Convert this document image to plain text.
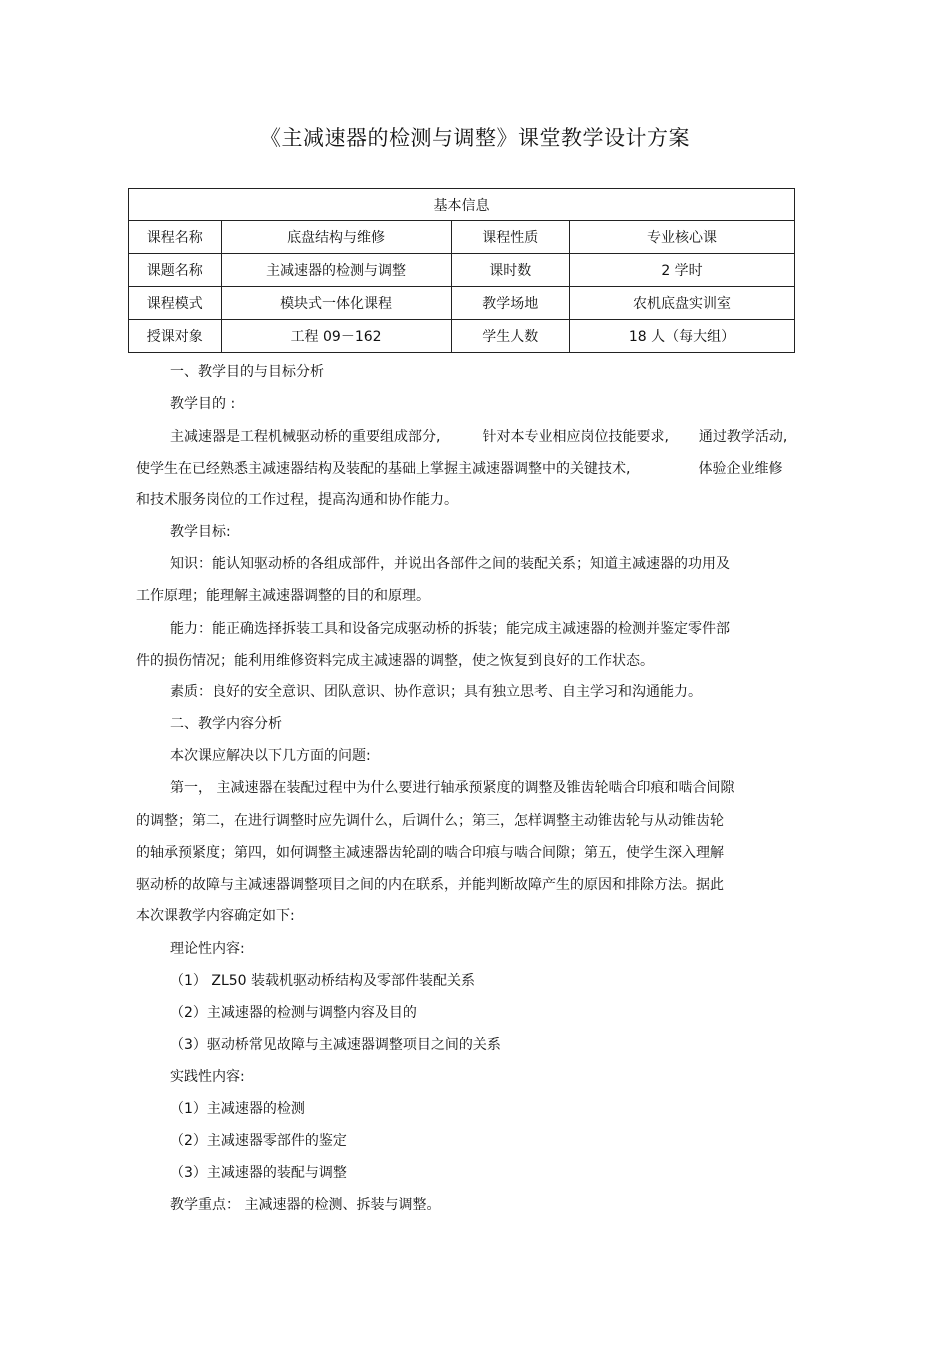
《主减速器的检测与调整》课堂教学设计方案
基本信息			
课程名称	底盘结构与维修	课程性质	专业核心课
课题名称	主减速器的检测与调整	课时数	2 学时
课程模式	模块式一体化课程	教学场地	农机底盘实训室
授课对象	工程 09－162	学生人数	18 人（每大组）
一、教学目的与目标分析
教学目的 :
主减速器是工程机械驱动桥的重要组成部分,	针对本专业相应岗位技能要求, 通过教学活动,
使学生在已经熟悉主减速器结构及装配的基础上掌握主减速器调整中的关键技术,	体验企业维修
和技术服务岗位的工作过程，提高沟通和协作能力。
教学目标:
知识：能认知驱动桥的各组成部件，并说出各部件之间的装配关系；知道主减速器的功用及
工作原理；能理解主减速器调整的目的和原理。
能力：能正确选择拆装工具和设备完成驱动桥的拆装；能完成主减速器的检测并鉴定零件部
件的损伤情况；能利用维修资料完成主减速器的调整，使之恢复到良好的工作状态。
素质：良好的安全意识、团队意识、协作意识；具有独立思考、自主学习和沟通能力。
二、教学内容分析
本次课应解决以下几方面的问题:
第一， 主减速器在装配过程中为什么要进行轴承预紧度的调整及锥齿轮啮合印痕和啮合间隙
的调整；第二，在进行调整时应先调什么，后调什么；第三，怎样调整主动锥齿轮与从动锥齿轮
的轴承预紧度；第四，如何调整主减速器齿轮副的啮合印痕与啮合间隙；第五，使学生深入理解
驱动桥的故障与主减速器调整项目之间的内在联系，并能判断故障产生的原因和排除方法。据此
本次课教学内容确定如下:
理论性内容:
（1） ZL50 装载机驱动桥结构及零部件装配关系
（2）主减速器的检测与调整内容及目的
（3）驱动桥常见故障与主减速器调整项目之间的关系
实践性内容:
（1）主减速器的检测
（2）主减速器零部件的鉴定
（3）主减速器的装配与调整
教学重点： 主减速器的检测、拆装与调整。
